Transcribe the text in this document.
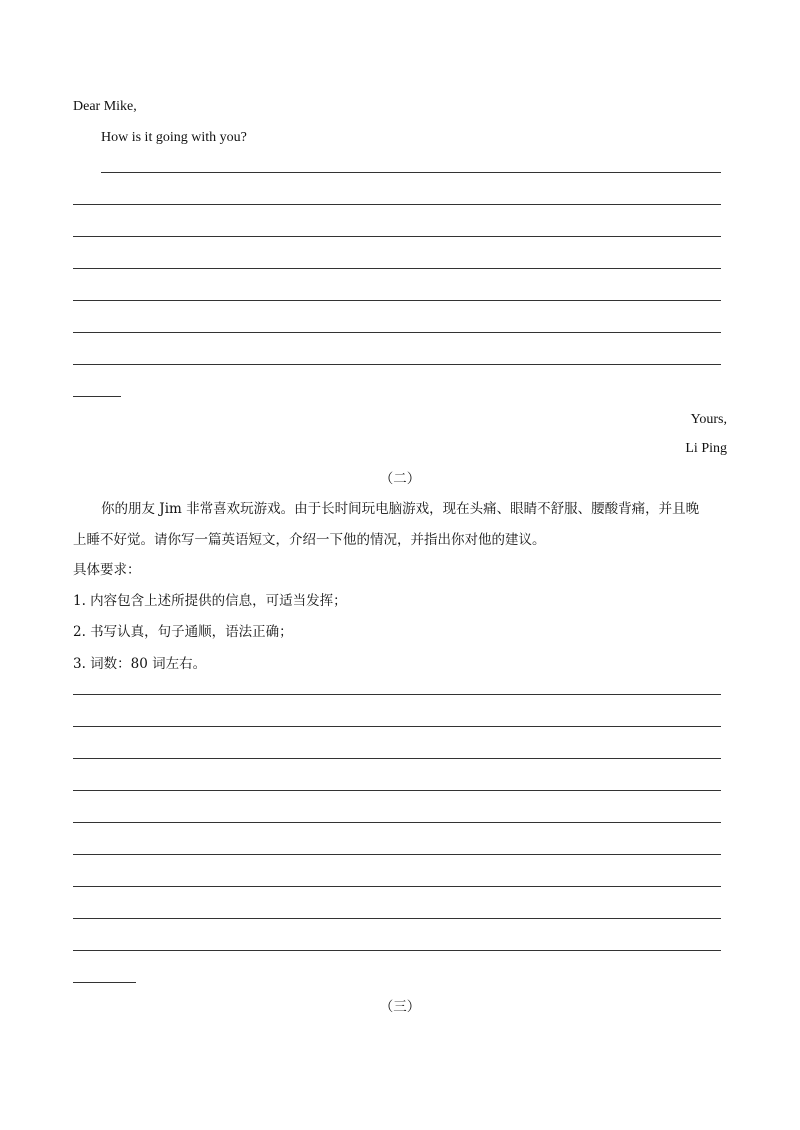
Dear Mike,
How is it going with you?
Yours,
Li Ping
（二）
你的朋友 Jim 非常喜欢玩游戏。由于长时间玩电脑游戏，现在头痛、眼睛不舒服、腰酸背痛，并且晚
上睡不好觉。请你写一篇英语短文，介绍一下他的情况，并指出你对他的建议。
具体要求：
1. 内容包含上述所提供的信息，可适当发挥；
2. 书写认真，句子通顺，语法正确；
3. 词数：80 词左右。
（三）
